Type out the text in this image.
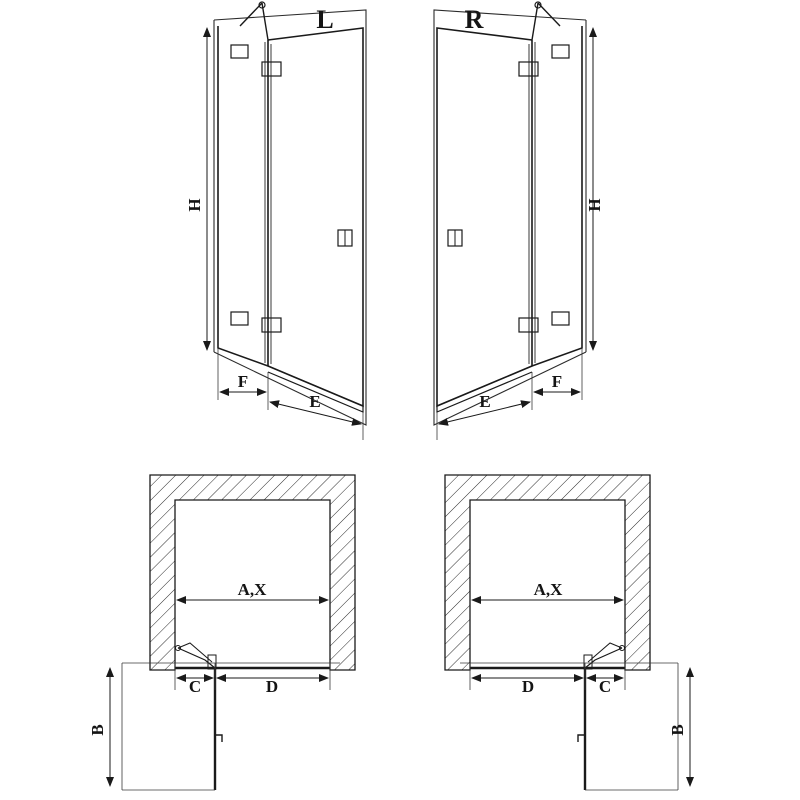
H
F
E
L
H
F
E
R
A,X
C	D
B
A,X
C
D
B
